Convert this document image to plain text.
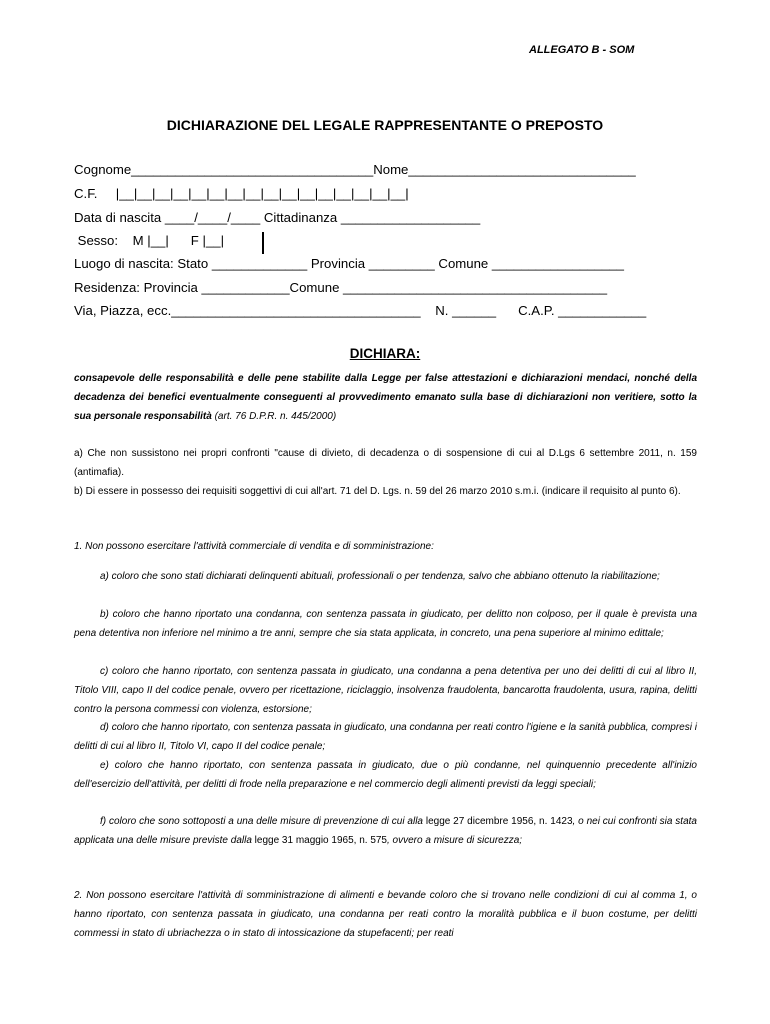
ALLEGATO B - SOM
DICHIARAZIONE DEL LEGALE RAPPRESENTANTE O PREPOSTO
Cognome_________________________________Nome_______________________________
C.F.     |__|__|__|__|__|__|__|__|__|__|__|__|__|__|__|__|
Data di nascita ____/____/____ Cittadinanza ___________________
Sesso:    M |__|      F |__|
Luogo di nascita: Stato _____________ Provincia _________ Comune __________________
Residenza: Provincia ____________Comune ____________________________________
Via, Piazza, ecc.__________________________________    N. ______      C.A.P. ____________
DICHIARA:
consapevole delle responsabilità e delle pene stabilite dalla Legge per false attestazioni e dichiarazioni mendaci, nonché della decadenza dei benefici eventualmente conseguenti al provvedimento emanato sulla base di dichiarazioni non veritiere, sotto la sua personale responsabilità (art. 76 D.P.R. n. 445/2000)
a) Che non sussistono nei propri confronti "cause di divieto, di decadenza o di sospensione di cui al D.Lgs 6 settembre 2011, n. 159 (antimafia).
b) Di essere in possesso dei requisiti soggettivi di cui all'art. 71 del D. Lgs. n. 59 del 26 marzo 2010 s.m.i. (indicare il requisito al punto 6).
1. Non possono esercitare l'attività commerciale di vendita e di somministrazione:
a) coloro che sono stati dichiarati delinquenti abituali, professionali o per tendenza, salvo che abbiano ottenuto la riabilitazione;
b) coloro che hanno riportato una condanna, con sentenza passata in giudicato, per delitto non colposo, per il quale è prevista una pena detentiva non inferiore nel minimo a tre anni, sempre che sia stata applicata, in concreto, una pena superiore al minimo edittale;
c) coloro che hanno riportato, con sentenza passata in giudicato, una condanna a pena detentiva per uno dei delitti di cui al libro II, Titolo VIII, capo II del codice penale, ovvero per ricettazione, riciclaggio, insolvenza fraudolenta, bancarotta fraudolenta, usura, rapina, delitti contro la persona commessi con violenza, estorsione;
d) coloro che hanno riportato, con sentenza passata in giudicato, una condanna per reati contro l'igiene e la sanità pubblica, compresi i delitti di cui al libro II, Titolo VI, capo II del codice penale;
e) coloro che hanno riportato, con sentenza passata in giudicato, due o più condanne, nel quinquennio precedente all'inizio dell'esercizio dell'attività, per delitti di frode nella preparazione e nel commercio degli alimenti previsti da leggi speciali;
f) coloro che sono sottoposti a una delle misure di prevenzione di cui alla legge 27 dicembre 1956, n. 1423, o nei cui confronti sia stata applicata una delle misure previste dalla legge 31 maggio 1965, n. 575, ovvero a misure di sicurezza;
2. Non possono esercitare l'attività di somministrazione di alimenti e bevande coloro che si trovano nelle condizioni di cui al comma 1, o hanno riportato, con sentenza passata in giudicato, una condanna per reati contro la moralità pubblica e il buon costume, per delitti commessi in stato di ubriachezza o in stato di intossicazione da stupefacenti; per reati
